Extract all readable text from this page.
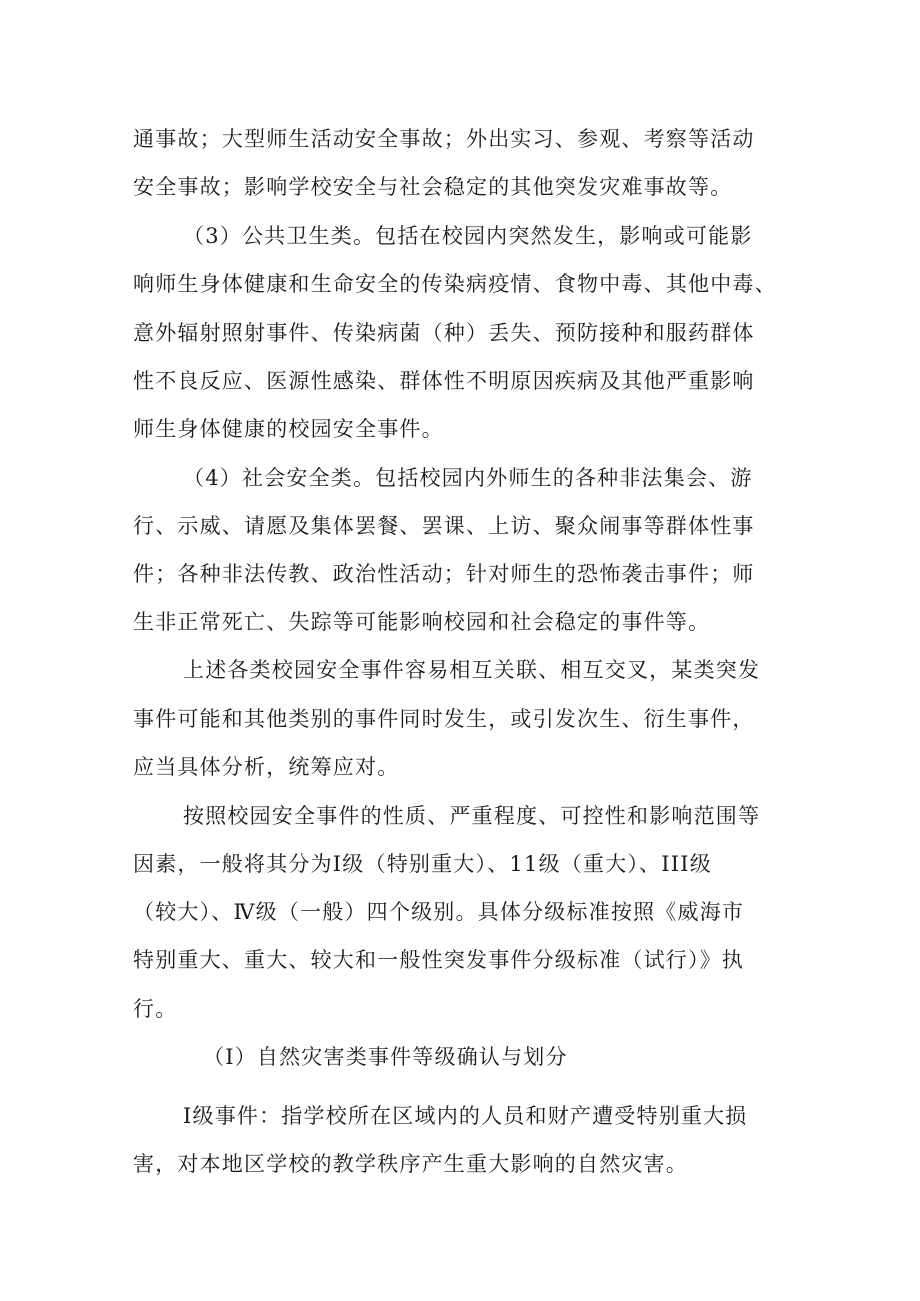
通事故；大型师生活动安全事故；外出实习、参观、考察等活动
安全事故；影响学校安全与社会稳定的其他突发灾难事故等。
（3）公共卫生类。包括在校园内突然发生，影响或可能影
响师生身体健康和生命安全的传染病疫情、食物中毒、其他中毒、
意外辐射照射事件、传染病菌（种）丢失、预防接种和服药群体
性不良反应、医源性感染、群体性不明原因疾病及其他严重影响
师生身体健康的校园安全事件。
（4）社会安全类。包括校园内外师生的各种非法集会、游
行、示威、请愿及集体罢餐、罢课、上访、聚众闹事等群体性事
件；各种非法传教、政治性活动；针对师生的恐怖袭击事件；师
生非正常死亡、失踪等可能影响校园和社会稳定的事件等。
上述各类校园安全事件容易相互关联、相互交叉，某类突发
事件可能和其他类别的事件同时发生，或引发次生、衍生事件，
应当具体分析，统筹应对。
按照校园安全事件的性质、严重程度、可控性和影响范围等
因素，一般将其分为Ⅰ级（特别重大）、11级（重大）、III级
（较大）、Ⅳ级（一般）四个级别。具体分级标准按照《威海市
特别重大、重大、较大和一般性突发事件分级标准（试行）》执
行。
（I）自然灾害类事件等级确认与划分
Ⅰ级事件：指学校所在区域内的人员和财产遭受特别重大损
害，对本地区学校的教学秩序产生重大影响的自然灾害。
